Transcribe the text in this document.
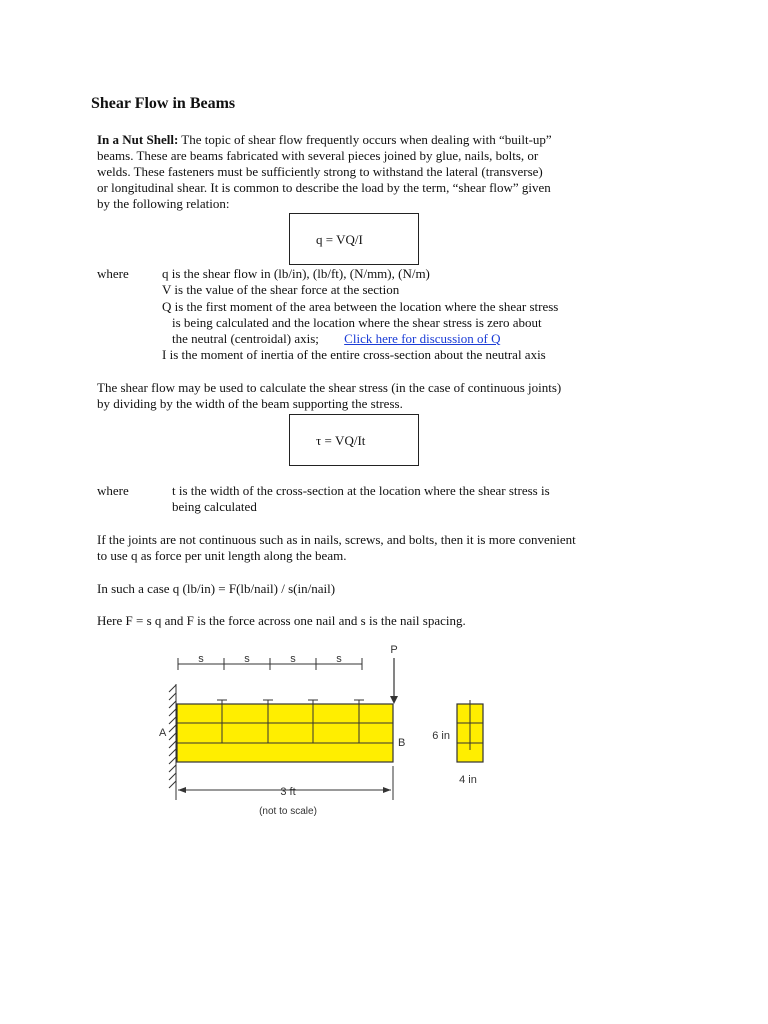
Shear Flow in Beams
In a Nut Shell: The topic of shear flow frequently occurs when dealing with “built-up”
beams. These are beams fabricated with several pieces joined by glue, nails, bolts, or
welds. These fasteners must be sufficiently strong to withstand the lateral (transverse)
or longitudinal shear. It is common to describe the load by the term, “shear flow” given
by the following relation:
q = VQ/I
where	q is the shear flow in (lb/in), (lb/ft), (N/mm), (N/m)
V is the value of the shear force at the section
Q is the first moment of the area between the location where the shear stress
is being calculated and the location where the shear stress is zero about
the neutral (centroidal) axis; Click here for discussion of Q
I is the moment of inertia of the entire cross-section about the neutral axis
The shear flow may be used to calculate the shear stress (in the case of continuous joints)
by dividing by the width of the beam supporting the stress.
τ = VQ/It
where	t is the width of the cross-section at the location where the shear stress is
being calculated
If the joints are not continuous such as in nails, screws, and bolts, then it is more convenient
to use q as force per unit length along the beam.
In such a case q (lb/in) = F(lb/nail) / s(in/nail)
Here F = s q and F is the force across one nail and s is the nail spacing.
s	s	s	s
P
A
B
3 ft
(not to scale)
6 in
4 in
